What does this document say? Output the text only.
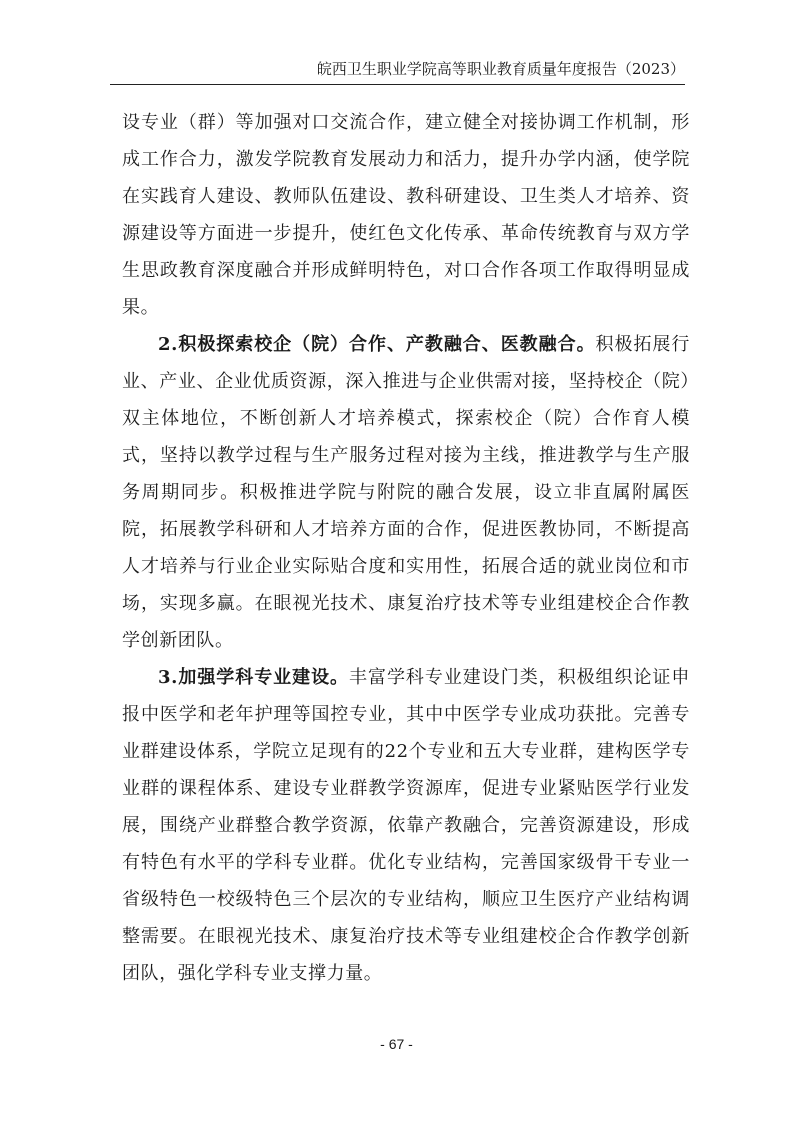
皖西卫生职业学院高等职业教育质量年度报告（2023）

设专业（群）等加强对口交流合作，建立健全对接协调工作机制，形成工作合力，激发学院教育发展动力和活力，提升办学内涵，使学院在实践育人建设、教师队伍建设、教科研建设、卫生类人才培养、资源建设等方面进一步提升，使红色文化传承、革命传统教育与双方学生思政教育深度融合并形成鲜明特色，对口合作各项工作取得明显成果。

2.积极探索校企（院）合作、产教融合、医教融合。积极拓展行业、产业、企业优质资源，深入推进与企业供需对接，坚持校企（院）双主体地位，不断创新人才培养模式，探索校企（院）合作育人模式，坚持以教学过程与生产服务过程对接为主线，推进教学与生产服务周期同步。积极推进学院与附院的融合发展，设立非直属附属医院，拓展教学科研和人才培养方面的合作，促进医教协同，不断提高人才培养与行业企业实际贴合度和实用性，拓展合适的就业岗位和市场，实现多赢。在眼视光技术、康复治疗技术等专业组建校企合作教学创新团队。

3.加强学科专业建设。丰富学科专业建设门类，积极组织论证申报中医学和老年护理等国控专业，其中中医学专业成功获批。完善专业群建设体系，学院立足现有的22个专业和五大专业群，建构医学专业群的课程体系、建设专业群教学资源库，促进专业紧贴医学行业发展，围绕产业群整合教学资源，依靠产教融合，完善资源建设，形成有特色有水平的学科专业群。优化专业结构，完善国家级骨干专业一省级特色一校级特色三个层次的专业结构，顺应卫生医疗产业结构调整需要。在眼视光技术、康复治疗技术等专业组建校企合作教学创新团队，强化学科专业支撑力量。

- 67 -
